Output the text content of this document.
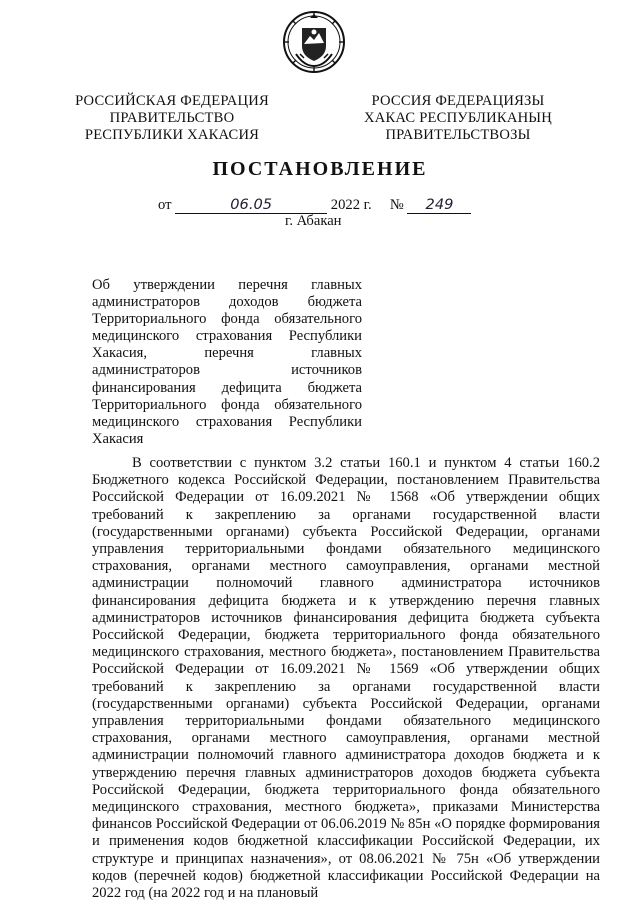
РОССИЙСКАЯ ФЕДЕРАЦИЯ
ПРАВИТЕЛЬСТВО
РЕСПУБЛИКИ ХАКАСИЯ
РОССИЯ ФЕДЕРАЦИЯЗЫ
ХАКАС РЕСПУБЛИКАНЫҢ
ПРАВИТЕЛЬСТВОЗЫ
ПОСТАНОВЛЕНИЕ
от	06.05	2022 г. № 249
г. Абакан
Об утверждении перечня главных администраторов доходов бюджета Территориального фонда обязательного медицинского страхования Республики Хакасия, перечня главных администраторов источников финансирования дефицита бюджета Территориального фонда обязательного медицинского страхования Республики Хакасия
В соответствии с пунктом 3.2 статьи 160.1 и пунктом 4 статьи 160.2 Бюджетного кодекса Российской Федерации, постановлением Правительства Российской Федерации от 16.09.2021 № 1568 «Об утверждении общих требований к закреплению за органами государственной власти (государственными органами) субъекта Российской Федерации, органами управления территориальными фондами обязательного медицинского страхования, органами местного самоуправления, органами местной администрации полномочий главного администратора источников финансирования дефицита бюджета и к утверждению перечня главных администраторов источников финансирования дефицита бюджета субъекта Российской Федерации, бюджета территориального фонда обязательного медицинского страхования, местного бюджета», постановлением Правительства Российской Федерации от 16.09.2021 № 1569 «Об утверждении общих требований к закреплению за органами государственной власти (государственными органами) субъекта Российской Федерации, органами управления территориальными фондами обязательного медицинского страхования, органами местного самоуправления, органами местной администрации полномочий главного администратора доходов бюджета и к утверждению перечня главных администраторов доходов бюджета субъекта Российской Федерации, бюджета территориального фонда обязательного медицинского страхования, местного бюджета», приказами Министерства финансов Российской Федерации от 06.06.2019 № 85н «О порядке формирования и применения кодов бюджетной классификации Российской Федерации, их структуре и принципах назначения», от 08.06.2021 № 75н «Об утверждении кодов (перечней кодов) бюджетной классификации Российской Федерации на 2022 год (на 2022 год и на плановый
